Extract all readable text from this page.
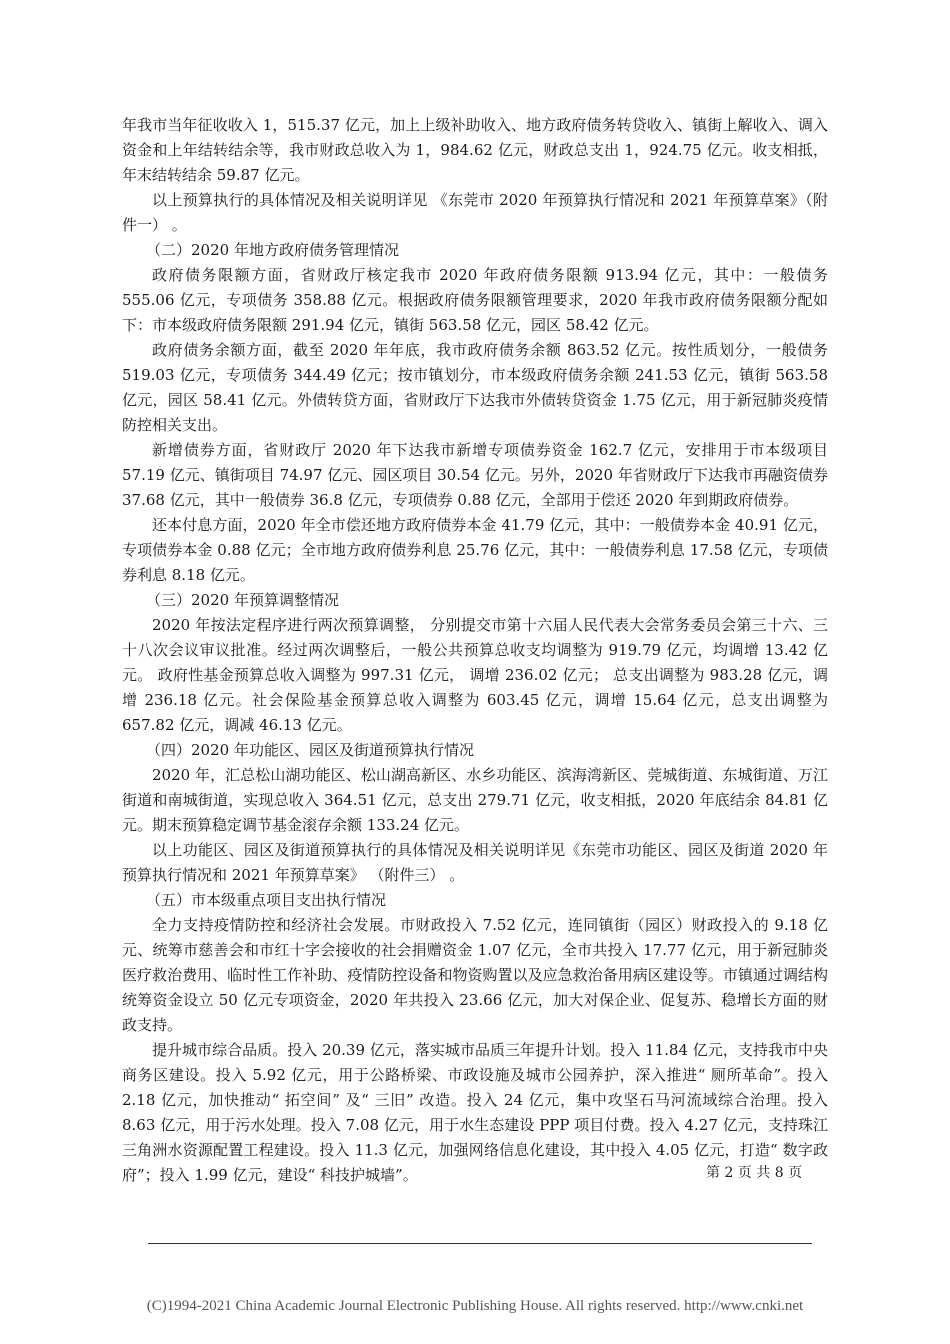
年我市当年征收收入 1，515.37 亿元，加上上级补助收入、地方政府债务转贷收入、镇街上解收入、调入资金和上年结转结余等，我市财政总收入为 1，984.62 亿元，财政总支出 1，924.75 亿元。收支相抵，年末结转结余 59.87 亿元。

以上预算执行的具体情况及相关说明详见 《东莞市 2020 年预算执行情况和 2021 年预算草案》（附件一） 。

（二）2020 年地方政府债务管理情况

政府债务限额方面，省财政厅核定我市 2020 年政府债务限额 913.94 亿元，其中：一般债务 555.06 亿元，专项债务 358.88 亿元。根据政府债务限额管理要求，2020 年我市政府债务限额分配如下：市本级政府债务限额 291.94 亿元，镇街 563.58 亿元，园区 58.42 亿元。

政府债务余额方面，截至 2020 年年底，我市政府债务余额 863.52 亿元。按性质划分，一般债务 519.03 亿元，专项债务 344.49 亿元；按市镇划分，市本级政府债务余额 241.53 亿元，镇街 563.58 亿元，园区 58.41 亿元。外债转贷方面，省财政厅下达我市外债转贷资金 1.75 亿元，用于新冠肺炎疫情防控相关支出。

新增债券方面，省财政厅 2020 年下达我市新增专项债券资金 162.7 亿元，安排用于市本级项目 57.19 亿元、镇街项目 74.97 亿元、园区项目 30.54 亿元。另外，2020 年省财政厅下达我市再融资债券 37.68 亿元，其中一般债券 36.8 亿元，专项债券 0.88 亿元，全部用于偿还 2020 年到期政府债券。

还本付息方面，2020 年全市偿还地方政府债券本金 41.79 亿元，其中：一般债券本金 40.91 亿元，专项债券本金 0.88 亿元；全市地方政府债券利息 25.76 亿元，其中：一般债券利息 17.58 亿元，专项债券利息 8.18 亿元。

（三）2020 年预算调整情况

2020 年按法定程序进行两次预算调整， 分别提交市第十六届人民代表大会常务委员会第三十六、三十八次会议审议批准。经过两次调整后，一般公共预算总收支均调整为 919.79 亿元，均调增 13.42 亿元。 政府性基金预算总收入调整为 997.31 亿元， 调增 236.02 亿元； 总支出调整为 983.28 亿元，调增 236.18 亿元。社会保险基金预算总收入调整为 603.45 亿元，调增 15.64 亿元，总支出调整为 657.82 亿元，调减 46.13 亿元。

（四）2020 年功能区、园区及街道预算执行情况

2020 年，汇总松山湖功能区、松山湖高新区、水乡功能区、滨海湾新区、莞城街道、东城街道、万江街道和南城街道，实现总收入 364.51 亿元，总支出 279.71 亿元，收支相抵，2020 年底结余 84.81 亿元。期末预算稳定调节基金滚存余额 133.24 亿元。

以上功能区、园区及街道预算执行的具体情况及相关说明详见《东莞市功能区、园区及街道 2020 年预算执行情况和 2021 年预算草案》 （附件三） 。

（五）市本级重点项目支出执行情况

全力支持疫情防控和经济社会发展。市财政投入 7.52 亿元，连同镇街（园区）财政投入的 9.18 亿元、统筹市慈善会和市红十字会接收的社会捐赠资金 1.07 亿元，全市共投入 17.77 亿元，用于新冠肺炎医疗救治费用、临时性工作补助、疫情防控设备和物资购置以及应急救治备用病区建设等。市镇通过调结构统筹资金设立 50 亿元专项资金，2020 年共投入 23.66 亿元，加大对保企业、促复苏、稳增长方面的财政支持。

提升城市综合品质。投入 20.39 亿元，落实城市品质三年提升计划。投入 11.84 亿元，支持我市中央商务区建设。投入 5.92 亿元，用于公路桥梁、市政设施及城市公园养护，深入推进“ 厕所革命”。投入 2.18 亿元，加快推动“ 拓空间” 及“ 三旧” 改造。投入 24 亿元，集中攻坚石马河流域综合治理。投入 8.63 亿元，用于污水处理。投入 7.08 亿元，用于水生态建设 PPP 项目付费。投入 4.27 亿元，支持珠江三角洲水资源配置工程建设。投入 11.3 亿元，加强网络信息化建设，其中投入 4.05 亿元，打造“ 数字政府”；投入 1.99 亿元，建设“ 科技护城墙”。	第 2 页 共 8 页
(C)1994-2021 China Academic Journal Electronic Publishing House. All rights reserved. http://www.cnki.net
